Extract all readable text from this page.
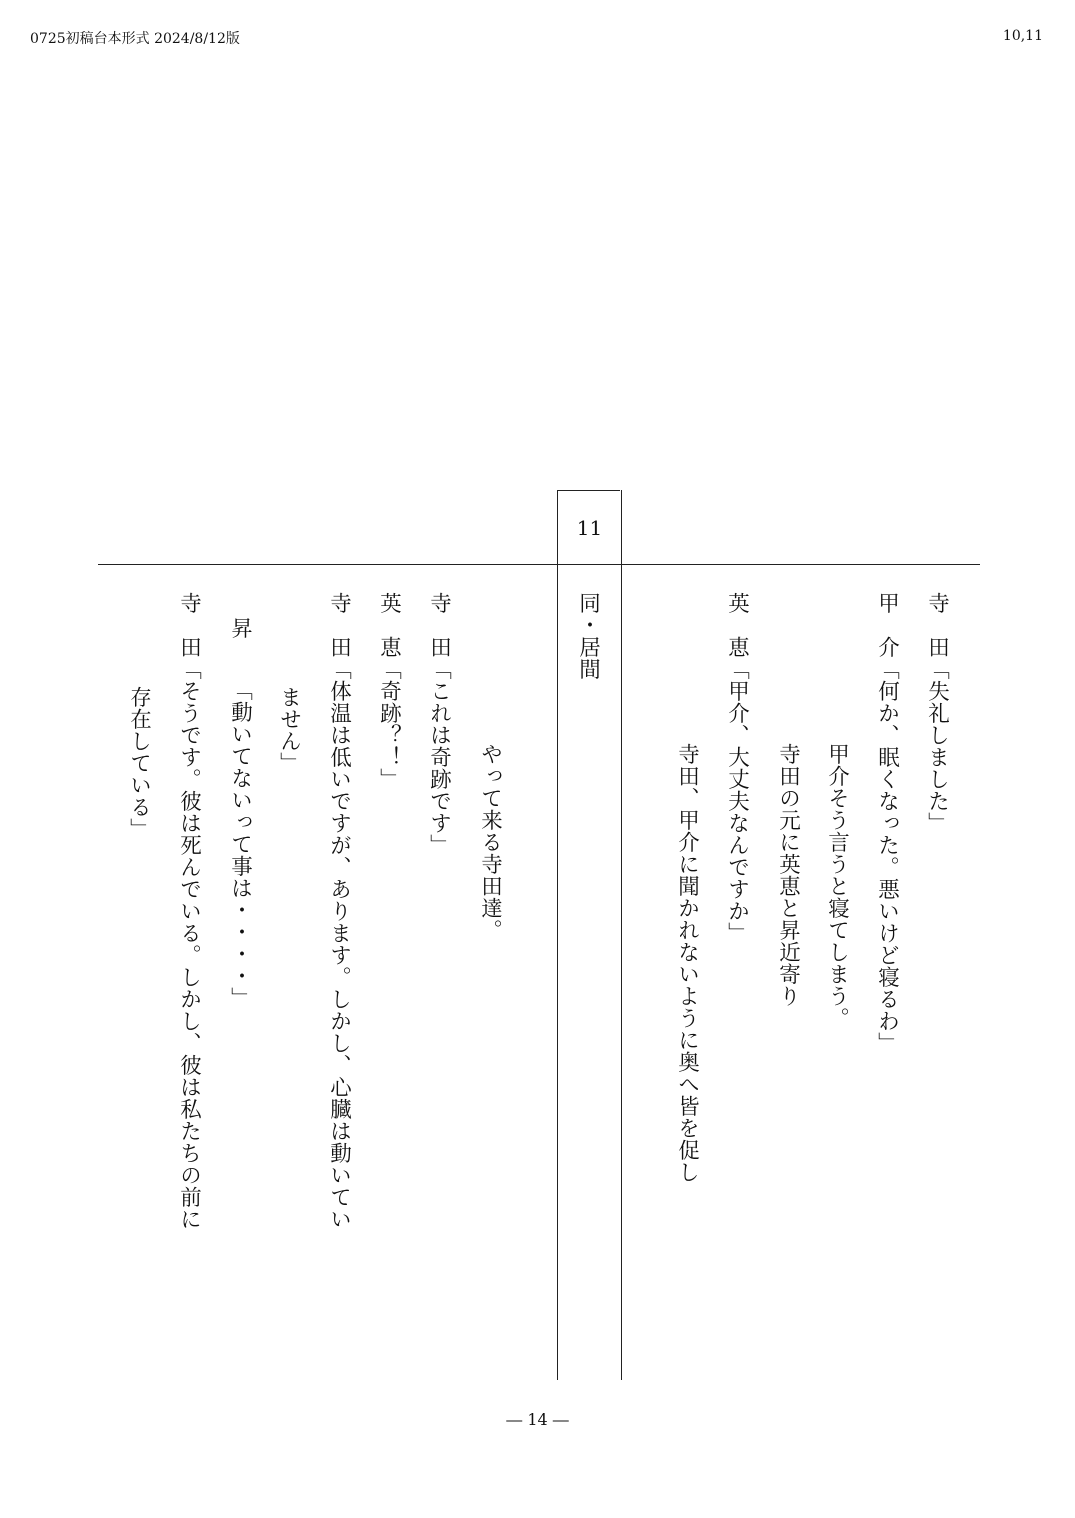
0725初稿台本形式 2024/8/12版	10,11
11
寺　田「失礼しました」
甲　介「何か、眠くなった。悪いけど寝るわ」
甲介そう言うと寝てしまう。
寺田の元に英恵と昇近寄り
英　恵「甲介、大丈夫なんですか」
寺田、甲介に聞かれないように奥へ皆を促し
同・居間
やって来る寺田達。
寺　田「これは奇跡です」
英　恵「奇跡？！」
寺　田「体温は低いですが、あります。しかし、心臓は動いてい
ません」
昇「動いてないって事は・・・・」
寺　田「そうです。彼は死んでいる。しかし、彼は私たちの前に
存在している」
― 14 ―
